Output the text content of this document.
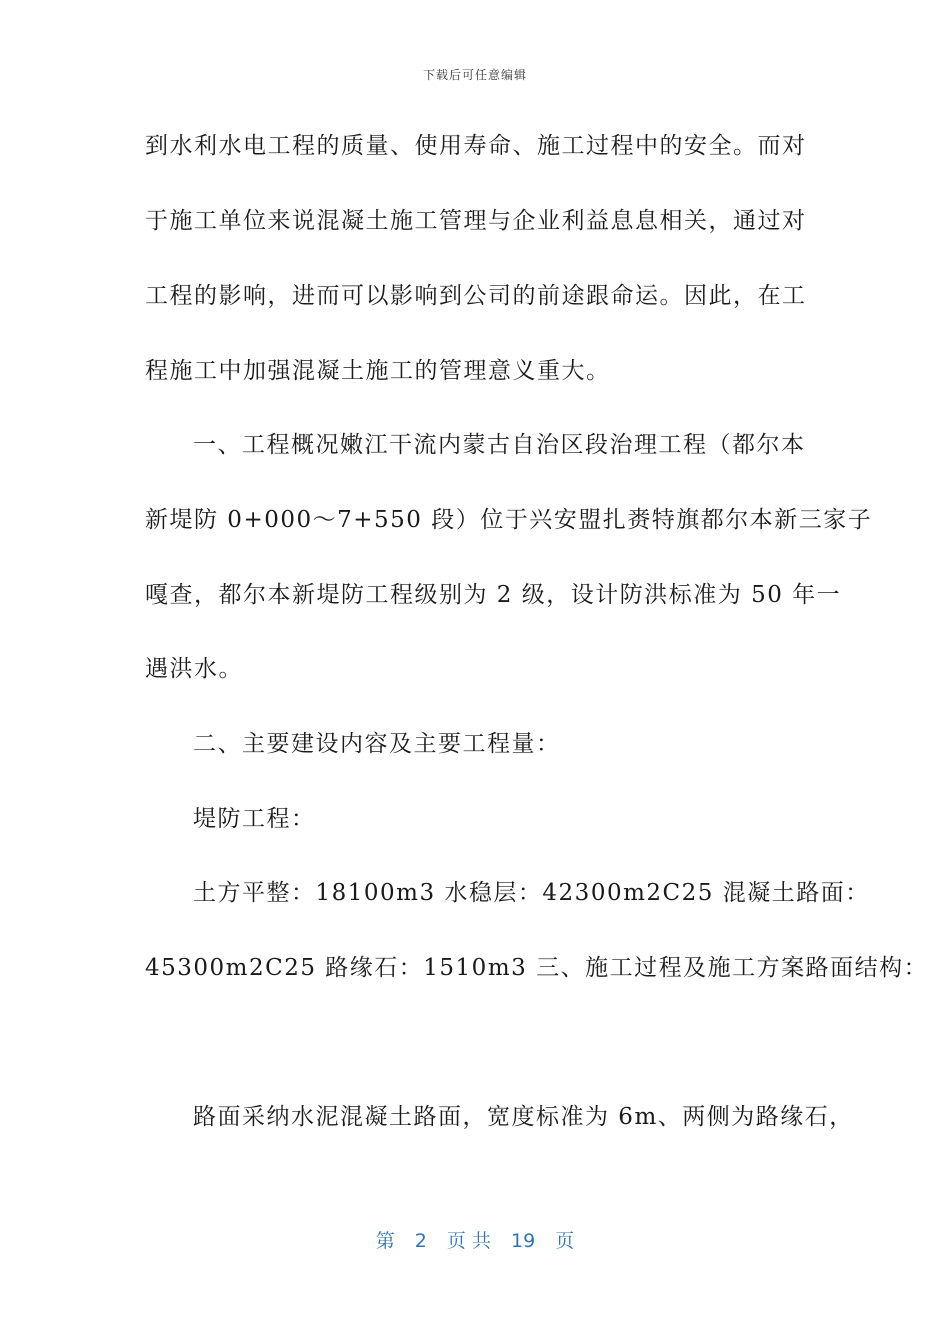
下载后可任意编辑
到水利水电工程的质量、使用寿命、施工过程中的安全。而对
于施工单位来说混凝土施工管理与企业利益息息相关，通过对
工程的影响，进而可以影响到公司的前途跟命运。因此，在工
程施工中加强混凝土施工的管理意义重大。
一、工程概况嫩江干流内蒙古自治区段治理工程（都尔本
新堤防 0+000～7+550 段）位于兴安盟扎赉特旗都尔本新三家子
嘎查，都尔本新堤防工程级别为 2 级，设计防洪标准为 50 年一
遇洪水。
二、主要建设内容及主要工程量：
堤防工程：
土方平整：18100m3 水稳层：42300m2C25 混凝土路面：
45300m2C25 路缘石：1510m3 三、施工过程及施工方案路面结构：
路面采纳水泥混凝土路面，宽度标准为 6m、两侧为路缘石，
第 2 页 共 19 页
